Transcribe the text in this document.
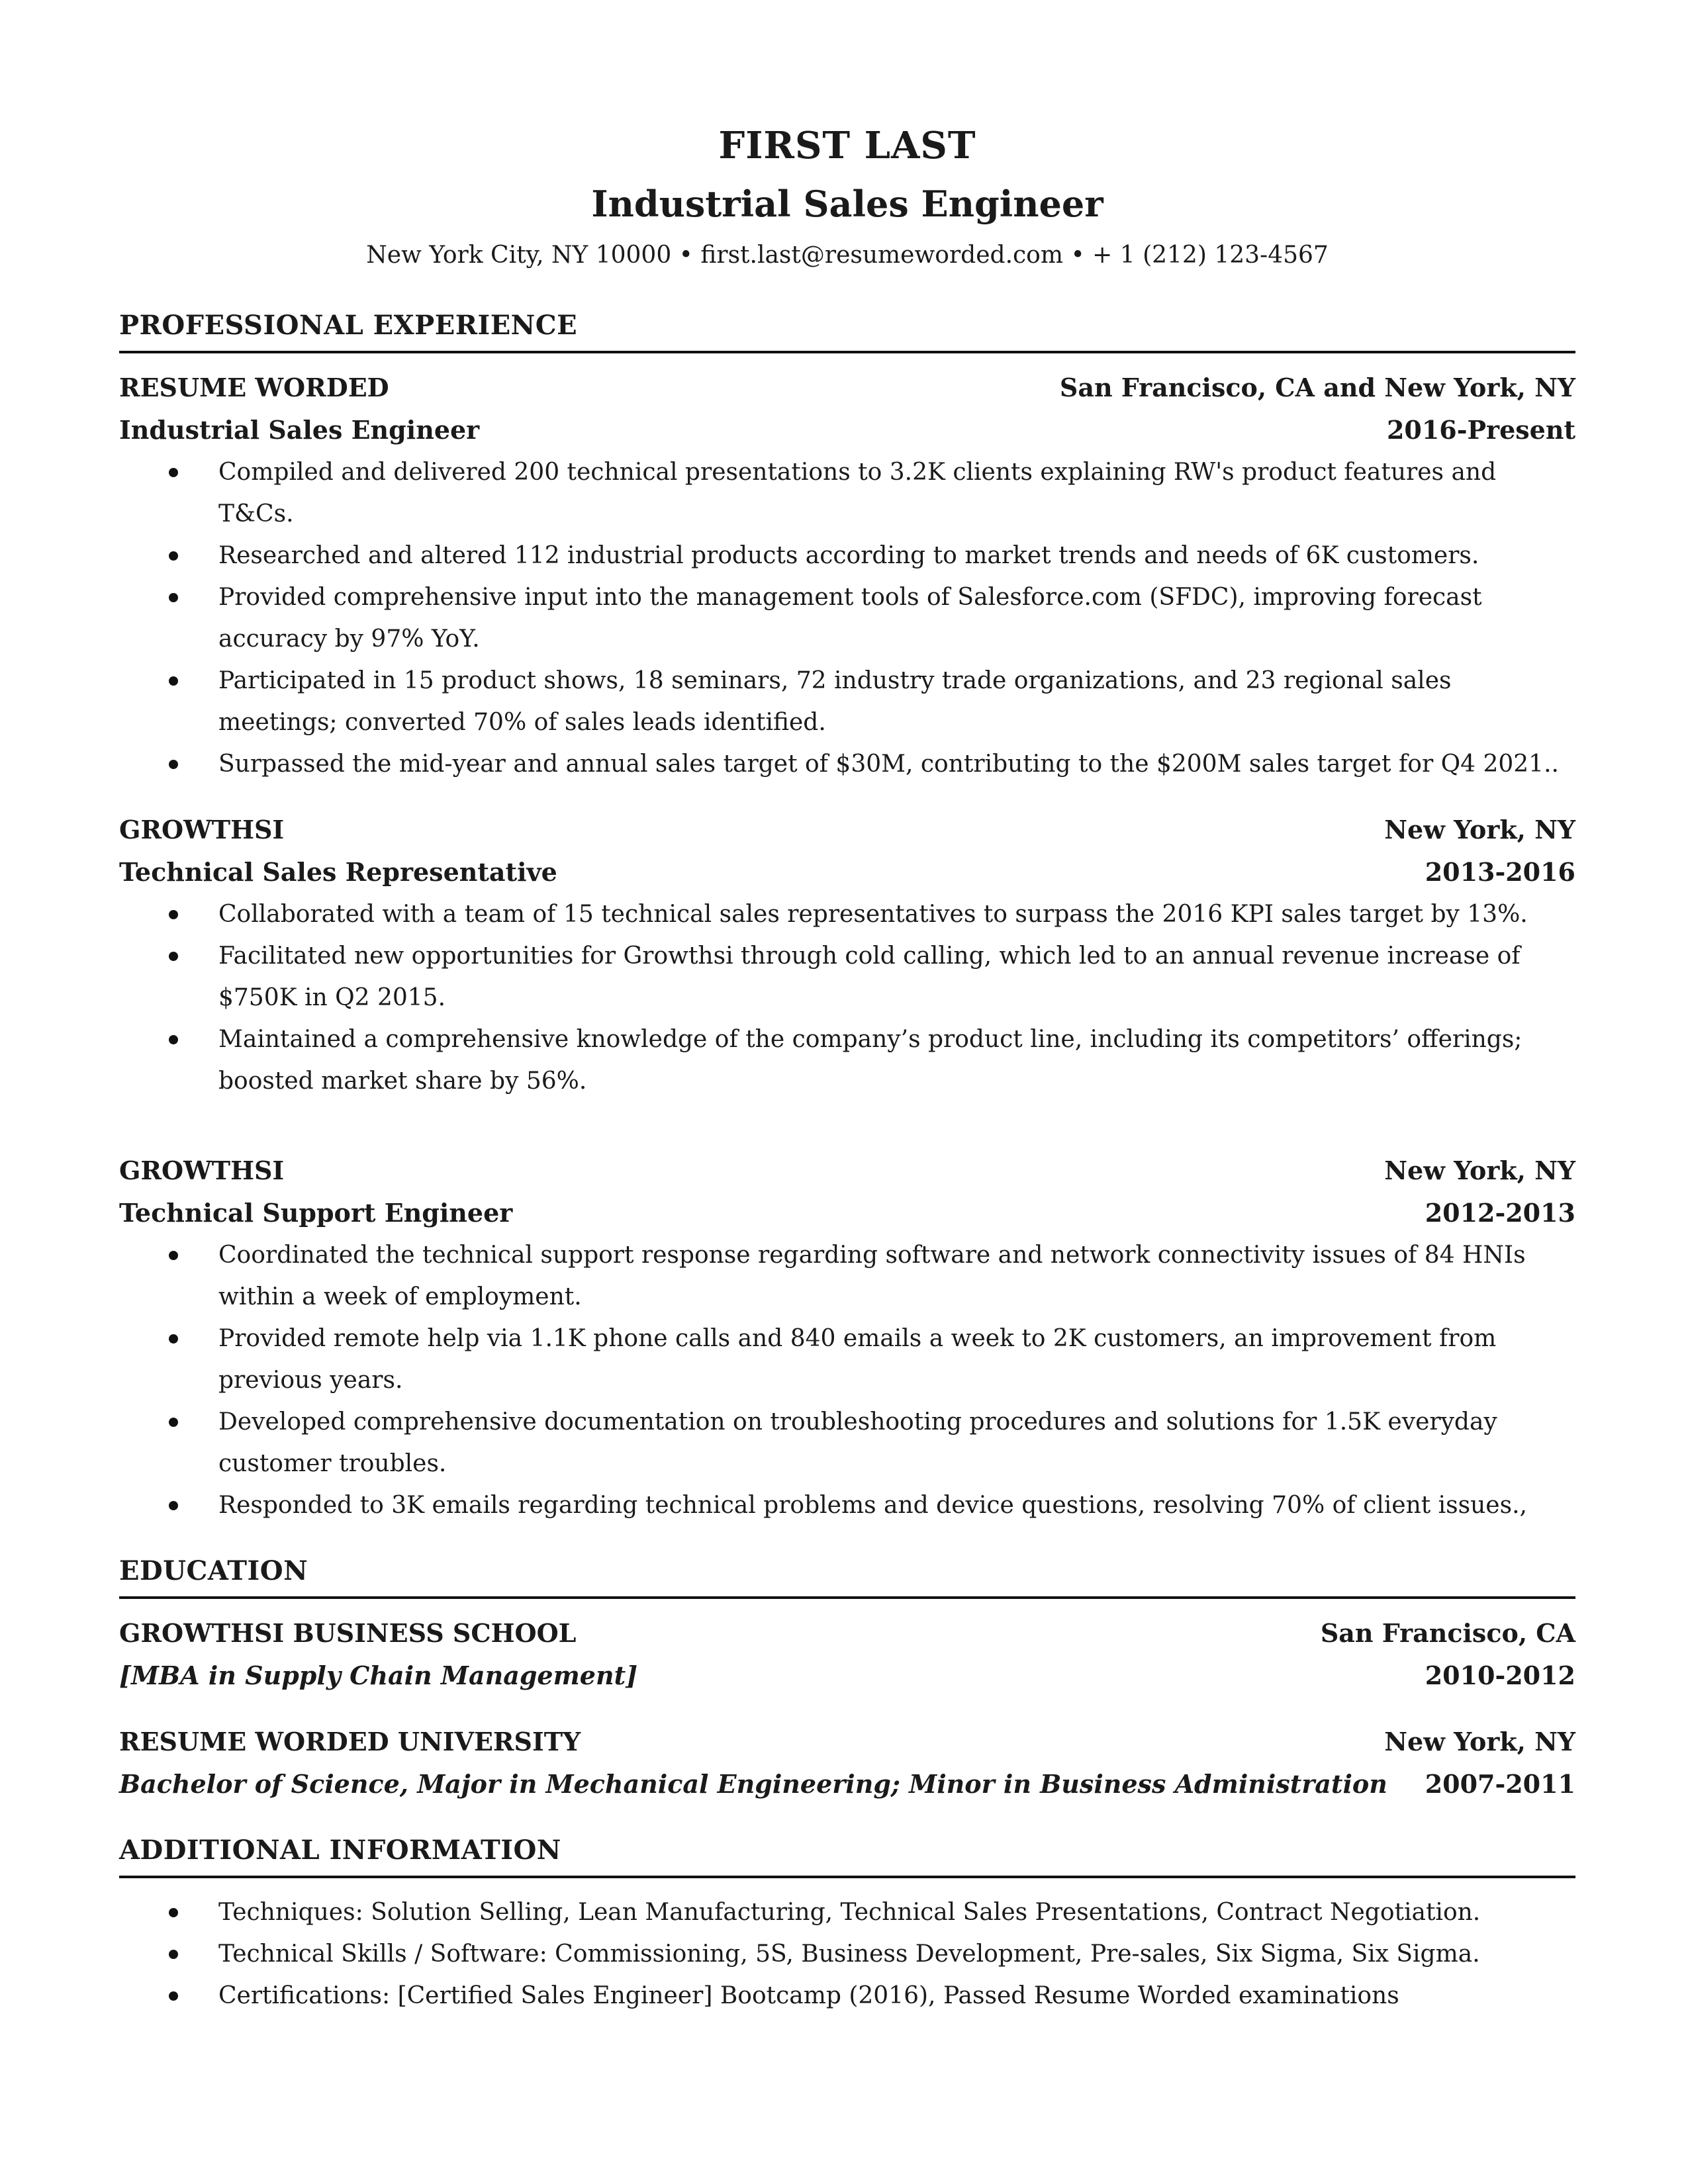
FIRST LAST

Industrial Sales Engineer

New York City, NY 10000 • first.last@resumeworded.com • + 1 (212) 123-4567

PROFESSIONAL EXPERIENCE

RESUME WORDED	San Francisco, CA and New York, NY
Industrial Sales Engineer	2016-Present
Compiled and delivered 200 technical presentations to 3.2K clients explaining RW's product features and T&Cs.
Researched and altered 112 industrial products according to market trends and needs of 6K customers.
Provided comprehensive input into the management tools of Salesforce.com (SFDC), improving forecast accuracy by 97% YoY.
Participated in 15 product shows, 18 seminars, 72 industry trade organizations, and 23 regional sales meetings; converted 70% of sales leads identified.
Surpassed the mid-year and annual sales target of $30M, contributing to the $200M sales target for Q4 2021..
GROWTHSI	New York, NY
Technical Sales Representative	2013-2016
Collaborated with a team of 15 technical sales representatives to surpass the 2016 KPI sales target by 13%.
Facilitated new opportunities for Growthsi through cold calling, which led to an annual revenue increase of $750K in Q2 2015.
Maintained a comprehensive knowledge of the company’s product line, including its competitors’ offerings; boosted market share by 56%.
GROWTHSI	New York, NY
Technical Support Engineer	2012-2013
Coordinated the technical support response regarding software and network connectivity issues of 84 HNIs within a week of employment.
Provided remote help via 1.1K phone calls and 840 emails a week to 2K customers, an improvement from previous years.
Developed comprehensive documentation on troubleshooting procedures and solutions for 1.5K everyday customer troubles.
Responded to 3K emails regarding technical problems and device questions, resolving 70% of client issues.,

EDUCATION

GROWTHSI BUSINESS SCHOOL	San Francisco, CA
[MBA in Supply Chain Management]	2010-2012
RESUME WORDED UNIVERSITY	New York, NY
Bachelor of Science, Major in Mechanical Engineering; Minor in Business Administration 2007-2011

ADDITIONAL INFORMATION

Techniques: Solution Selling, Lean Manufacturing, Technical Sales Presentations, Contract Negotiation.
Technical Skills / Software: Commissioning, 5S, Business Development, Pre-sales, Six Sigma, Six Sigma.
Certifications: [Certified Sales Engineer] Bootcamp (2016), Passed Resume Worded examinations
